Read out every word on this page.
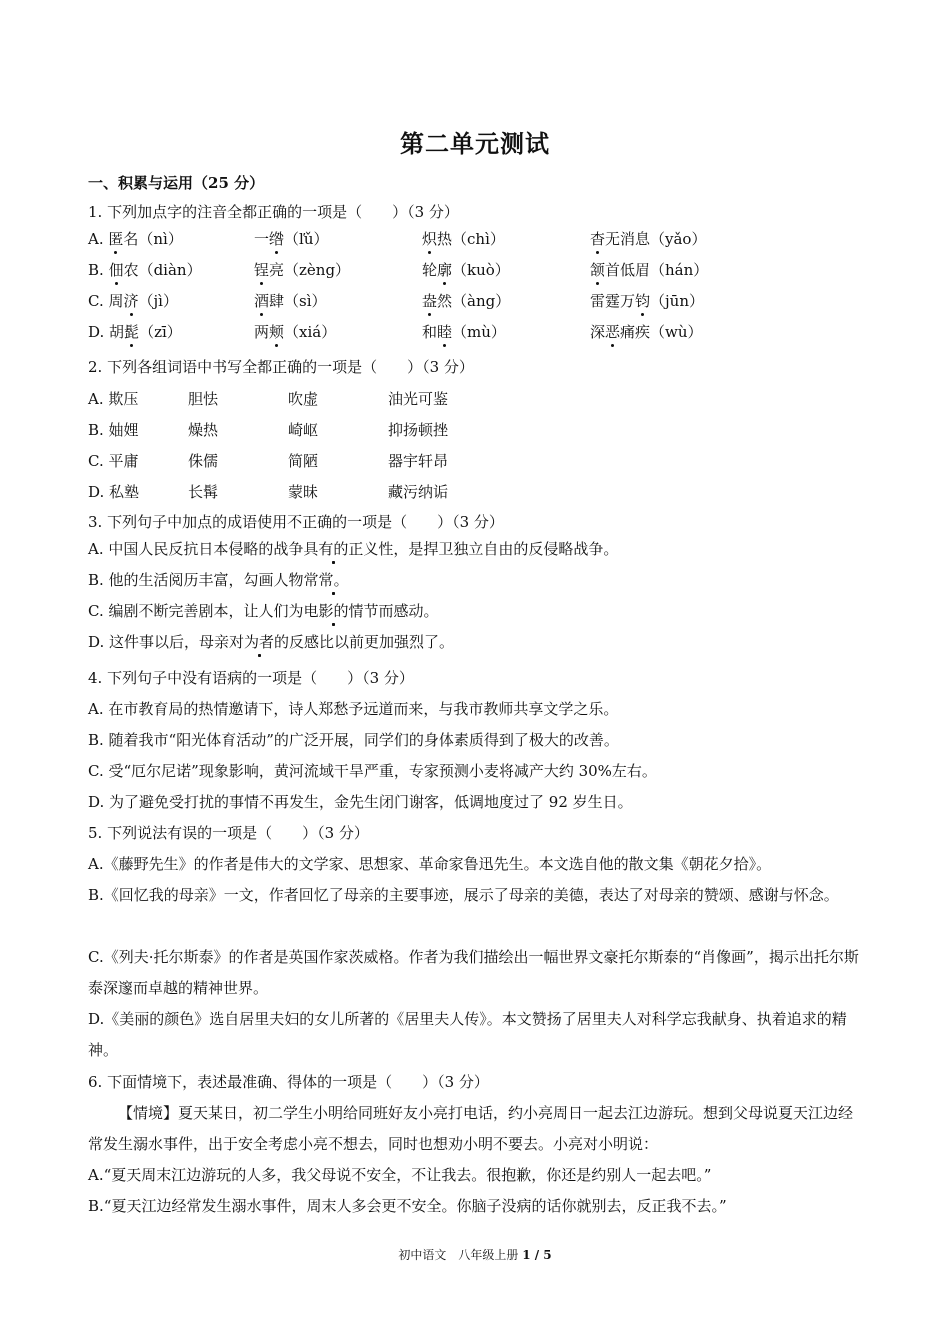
第二单元测试
一、积累与运用（25 分）
1. 下列加点字的注音全都正确的一项是（　　）（3 分）
A. 匿名（nì）	一绺（ľǔ）	炽热（chì）	杳无消息（yǎo）
B. 佃农（diàn）	锃亮（zèng）	轮廓（kuò）	颔首低眉（hán）
C. 周济（jì）	酒肆（sì）	盎然（àng）	雷霆万钧（jūn）
D. 胡髭（zī）	两颊（xiá）	和睦（mù）	深恶痛疾（wù）
2. 下列各组词语中书写全都正确的一项是（　　）（3 分）
A. 欺压	胆怯	吹虚	油光可鉴
B. 妯娌	燥热	崎岖	抑扬顿挫
C. 平庸	侏儒	简陋	器宇轩昂
D. 私塾	长髯	蒙昧	藏污纳诟
3. 下列句子中加点的成语使用不正确的一项是（　　）（3 分）
A. 中国人民反抗日本侵略的战争具有的正义性，是捍卫独立自由的反侵略战争。
B. 他的生活阅历丰富，勾画人物常常。
C. 编剧不断完善剧本，让人们为电影的情节而感动。
D. 这件事以后，母亲对为者的反感比以前更加强烈了。
4. 下列句子中没有语病的一项是（　　）（3 分）
A. 在市教育局的热情邀请下，诗人郑愁予远道而来，与我市教师共享文学之乐。
B. 随着我市“阳光体育活动”的广泛开展，同学们的身体素质得到了极大的改善。
C. 受“厄尔尼诺”现象影响，黄河流域干旱严重，专家预测小麦将减产大约 30%左右。
D. 为了避免受打扰的事情不再发生，金先生闭门谢客，低调地度过了 92 岁生日。
5. 下列说法有误的一项是（　　）（3 分）
A.《藤野先生》的作者是伟大的文学家、思想家、革命家鲁迅先生。本文选自他的散文集《朝花夕拾》。
B.《回忆我的母亲》一文，作者回忆了母亲的主要事迹，展示了母亲的美德，表达了对母亲的赞颂、感谢与怀念。
C.《列夫·托尔斯泰》的作者是英国作家茨威格。作者为我们描绘出一幅世界文豪托尔斯泰的“肖像画”，揭示出托尔斯泰深邃而卓越的精神世界。
D.《美丽的颜色》选自居里夫妇的女儿所著的《居里夫人传》。本文赞扬了居里夫人对科学忘我献身、执着追求的精神。
6. 下面情境下，表述最准确、得体的一项是（　　）（3 分）
【情境】夏天某日，初二学生小明给同班好友小亮打电话，约小亮周日一起去江边游玩。想到父母说夏天江边经常发生溺水事件，出于安全考虑小亮不想去，同时也想劝小明不要去。小亮对小明说：
A.“夏天周末江边游玩的人多，我父母说不安全，不让我去。很抱歉，你还是约别人一起去吧。”
B.“夏天江边经常发生溺水事件，周末人多会更不安全。你脑子没病的话你就别去，反正我不去。”
初中语文　八年级上册 1 / 5
